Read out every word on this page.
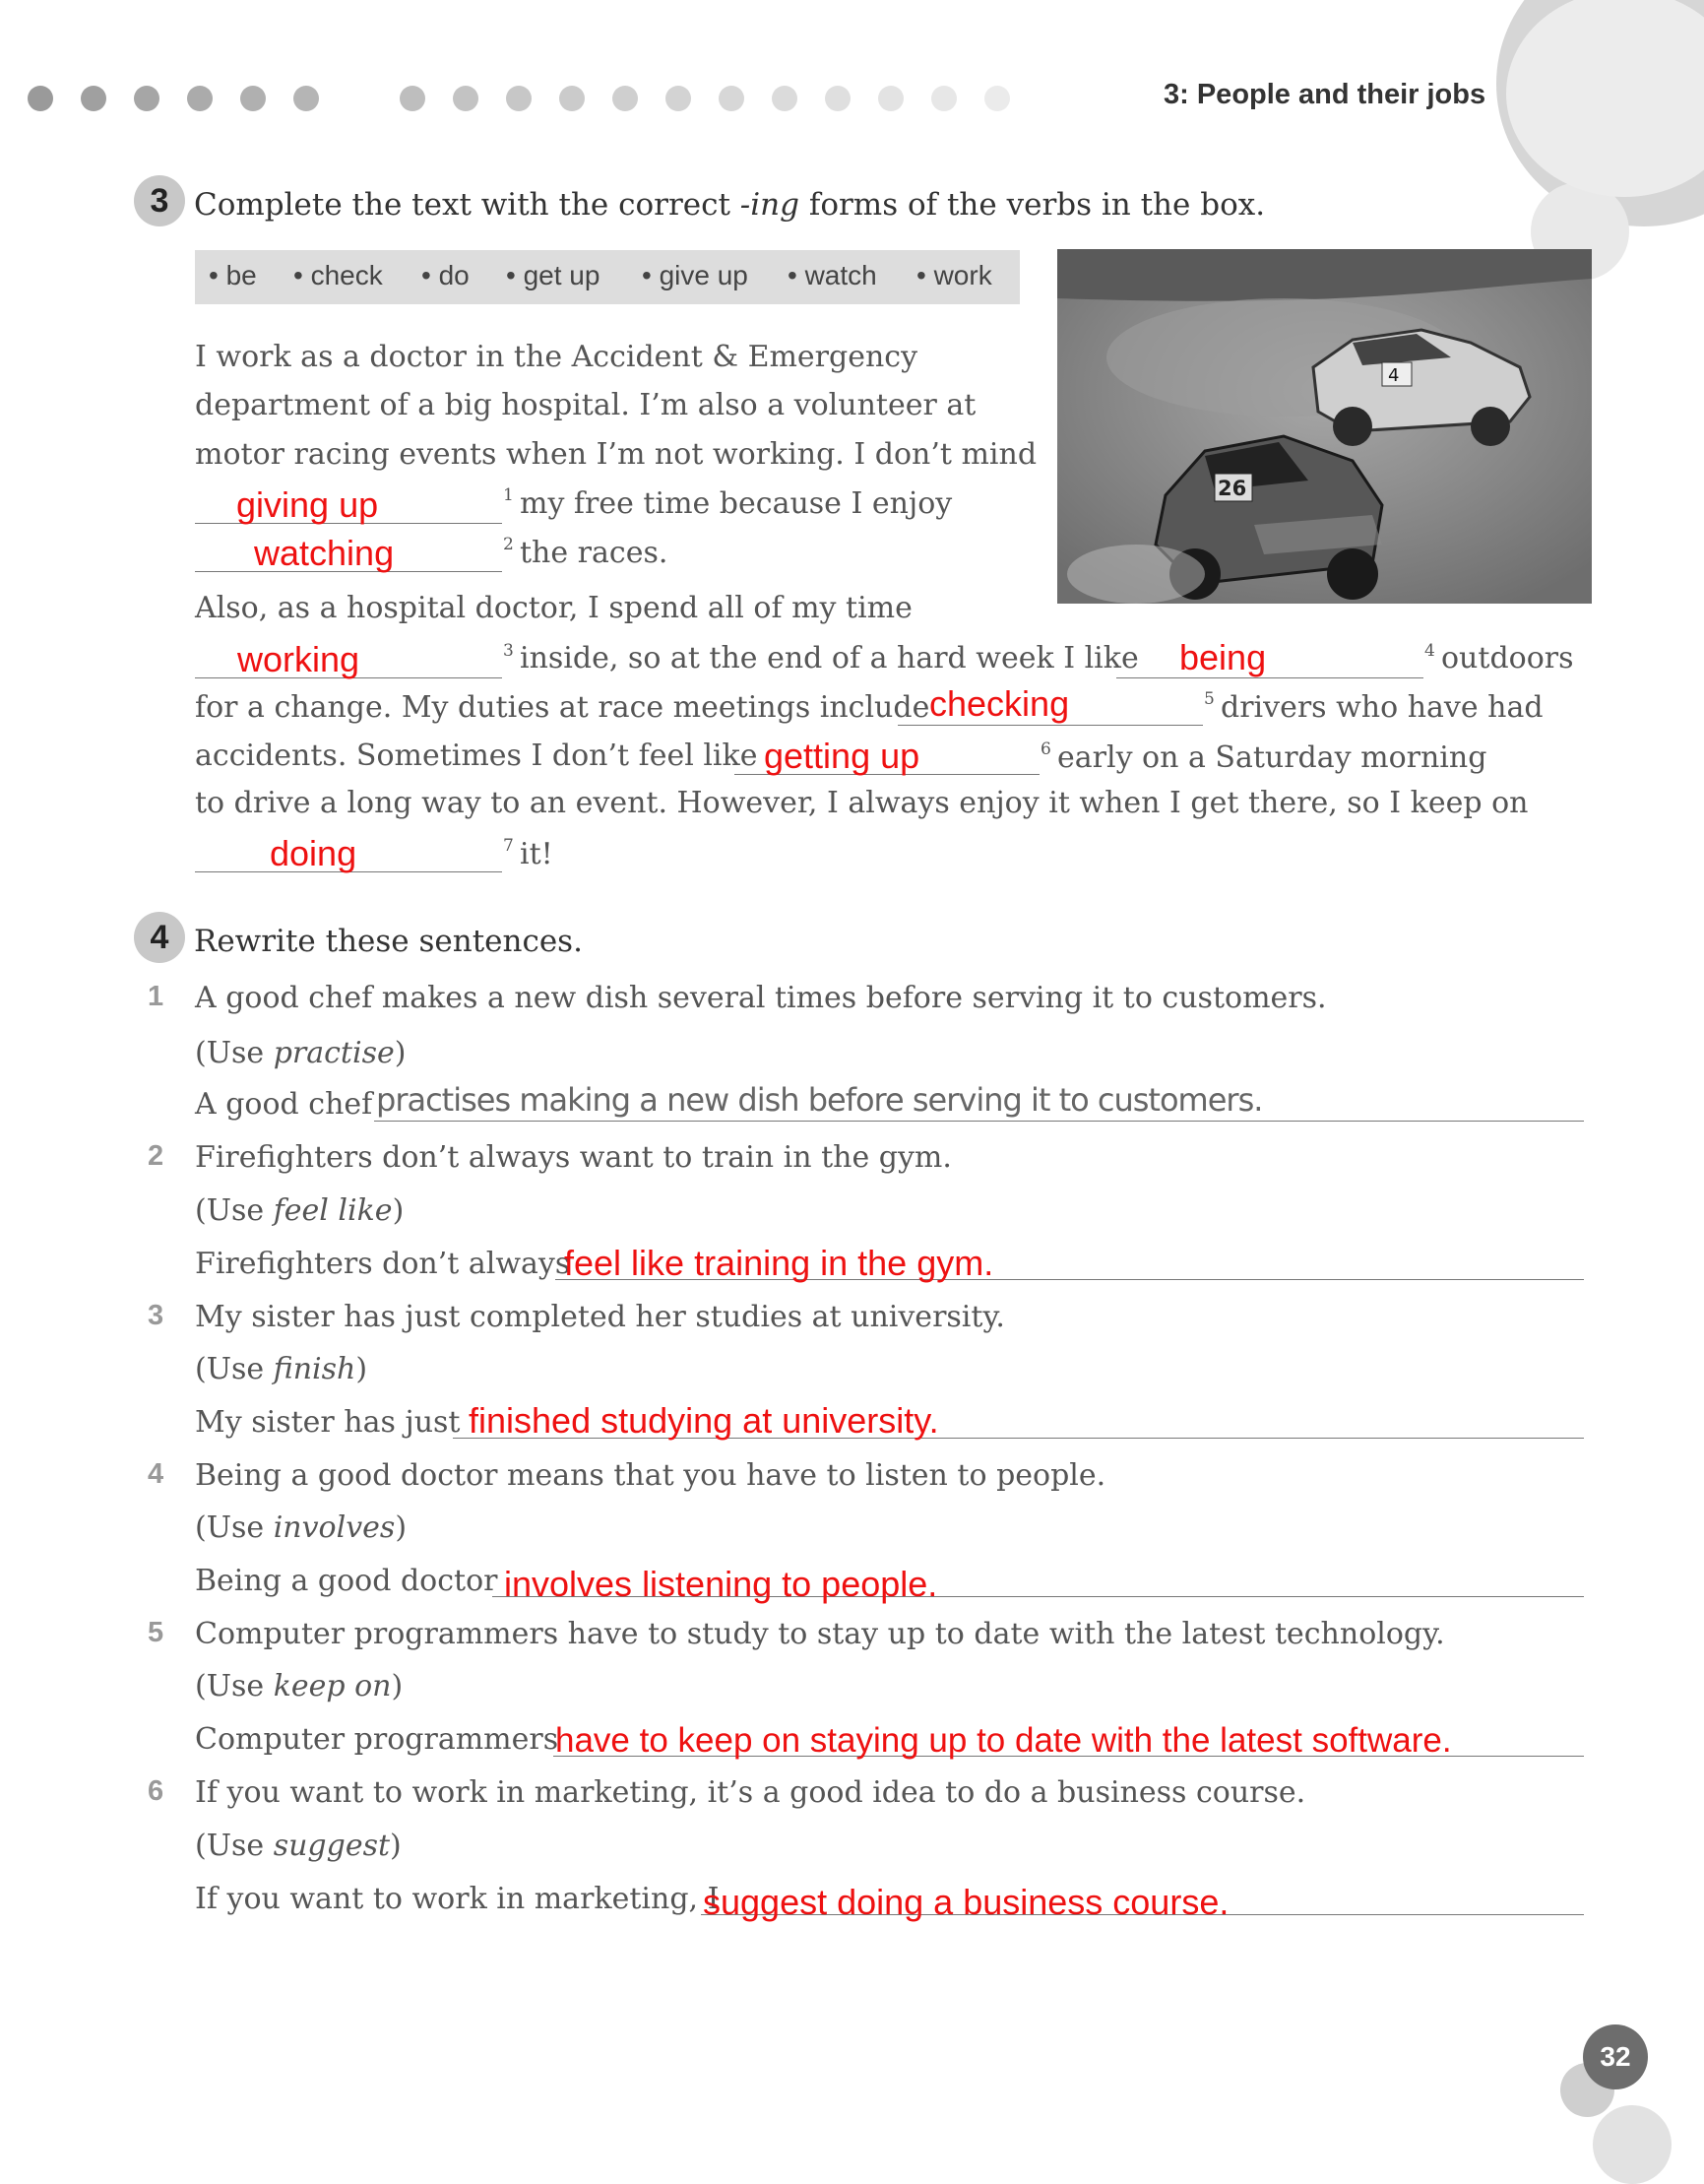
3: People and their jobs
3 Complete the text with the correct -ing forms of the verbs in the box.
• be • check • do • get up • give up • watch • work
4
26
I work as a doctor in the Accident & Emergency
department of a big hospital. I’m also a volunteer at
motor racing events when I’m not working. I don’t mind
giving up	1 my free time because I enjoy
watching	2 the races.
Also, as a hospital doctor, I spend all of my time
working	3 inside, so at the end of a hard week I like being	4 outdoors
for a change. My duties at race meetings include checking	5 drivers who have had
accidents. Sometimes I don’t feel like getting up	6 early on a Saturday morning
to drive a long way to an event. However, I always enjoy it when I get there, so I keep on
doing	7 it!
4 Rewrite these sentences.
1 A good chef makes a new dish several times before serving it to customers.
(Use practise)
A good chef practises making a new dish before serving it to customers.
2 Firefighters don’t always want to train in the gym.
(Use feel like)
Firefighters don’t always
feel like training in the gym.
3 My sister has just completed her studies at university.
(Use finish)
My sister has just finished studying at university.
4 Being a good doctor means that you have to listen to people.
(Use involves)
Being a good doctor involves listening to people.
5 Computer programmers have to study to stay up to date with the latest technology.
(Use keep on)
Computer programmers
have to keep on staying up to date with the latest software.
6 If you want to work in marketing, it’s a good idea to do a business course.
(Use suggest)
If you want to work in marketing, I
suggest doing a business course.
32
